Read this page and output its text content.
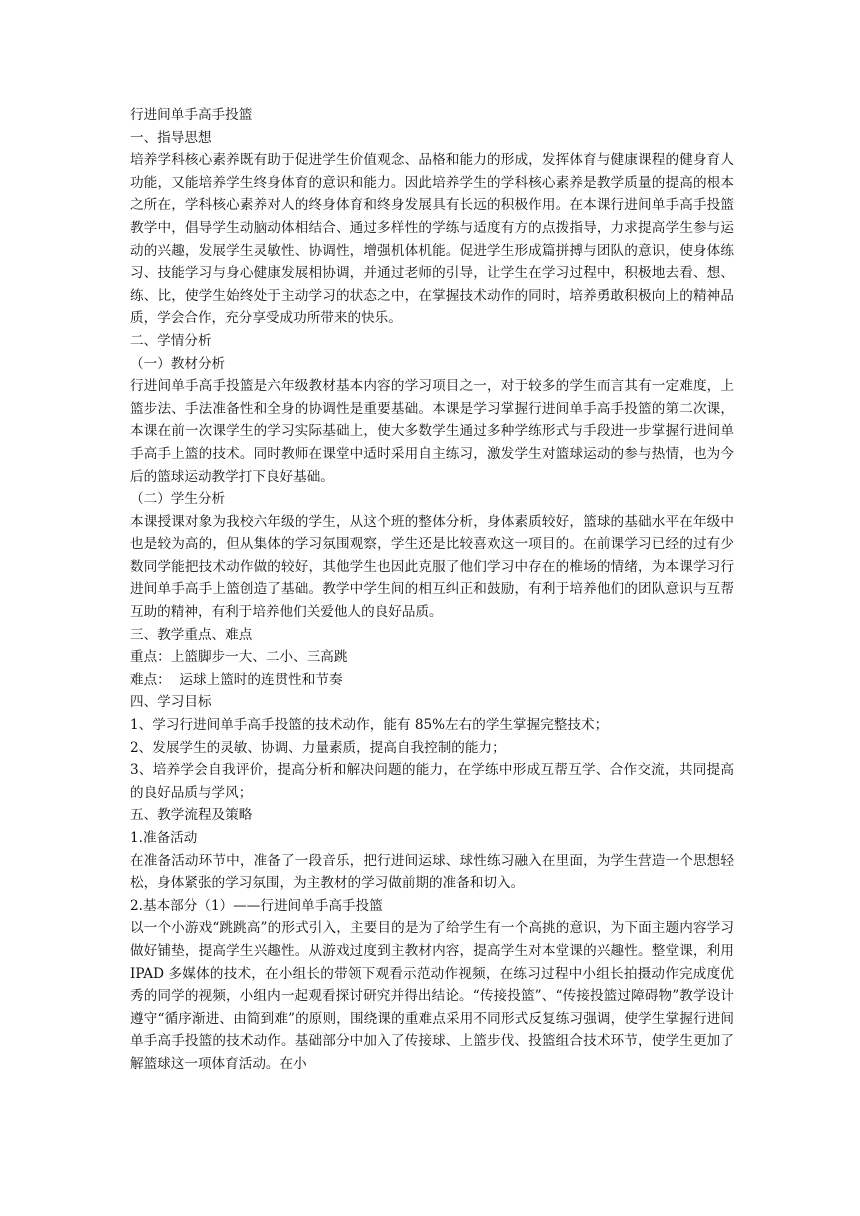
行进间单手高手投篮
一、指导思想
培养学科核心素养既有助于促进学生价值观念、品格和能力的形成，发挥体育与健康课程的健身育人功能，又能培养学生终身体育的意识和能力。因此培养学生的学科核心素养是教学质量的提高的根本之所在，学科核心素养对人的终身体育和终身发展具有长远的积极作用。在本课行进间单手高手投篮教学中，倡导学生动脑动体相结合、通过多样性的学练与适度有方的点拨指导，力求提高学生参与运动的兴趣，发展学生灵敏性、协调性，增强机体机能。促进学生形成篇拼搏与团队的意识，使身体练习、技能学习与身心健康发展相协调，并通过老师的引导，让学生在学习过程中，积极地去看、想、练、比，使学生始终处于主动学习的状态之中，在掌握技术动作的同时，培养勇敢积极向上的精神品质，学会合作，充分享受成功所带来的快乐。
二、学情分析
（一）教材分析
行进间单手高手投篮是六年级教材基本内容的学习项目之一，对于较多的学生而言其有一定难度，上篮步法、手法准备性和全身的协调性是重要基础。本课是学习掌握行进间单手高手投篮的第二次课，本课在前一次课学生的学习实际基础上，使大多数学生通过多种学练形式与手段进一步掌握行进间单手高手上篮的技术。同时教师在课堂中适时采用自主练习，激发学生对篮球运动的参与热情，也为今后的篮球运动教学打下良好基础。
（二）学生分析
本课授课对象为我校六年级的学生，从这个班的整体分析，身体素质较好，篮球的基础水平在年级中也是较为高的，但从集体的学习氛围观察，学生还是比较喜欢这一项目的。在前课学习已经的过有少数同学能把技术动作做的较好，其他学生也因此克服了他们学习中存在的椎场的情绪，为本课学习行进间单手高手上篮创造了基础。教学中学生间的相互纠正和鼓励，有利于培养他们的团队意识与互帮互助的精神，有利于培养他们关爱他人的良好品质。
三、教学重点、难点
重点：上篮脚步一大、二小、三高跳
难点：  运球上篮时的连贯性和节奏
四、学习目标
1、学习行进间单手高手投篮的技术动作，能有 85%左右的学生掌握完整技术；
2、发展学生的灵敏、协调、力量素质，提高自我控制的能力；
3、培养学会自我评价，提高分析和解决问题的能力，在学练中形成互帮互学、合作交流，共同提高的良好品质与学风；
五、教学流程及策略
1.准备活动
在准备活动环节中，准备了一段音乐，把行进间运球、球性练习融入在里面，为学生营造一个思想轻松，身体紧张的学习氛围，为主教材的学习做前期的准备和切入。
2.基本部分（1）——行进间单手高手投篮
以一个小游戏“跳跳高”的形式引入，主要目的是为了给学生有一个高挑的意识，为下面主题内容学习做好铺垫，提高学生兴趣性。从游戏过度到主教材内容，提高学生对本堂课的兴趣性。整堂课，利用 IPAD 多媒体的技术，在小组长的带领下观看示范动作视频，在练习过程中小组长拍摄动作完成度优秀的同学的视频，小组内一起观看探讨研究并得出结论。“传接投篮”、“传接投篮过障碍物”教学设计遵守“循序渐进、由简到难”的原则，围绕课的重难点采用不同形式反复练习强调，使学生掌握行进间单手高手投篮的技术动作。基础部分中加入了传接球、上篮步伐、投篮组合技术环节，使学生更加了解篮球这一项体育活动。在小
